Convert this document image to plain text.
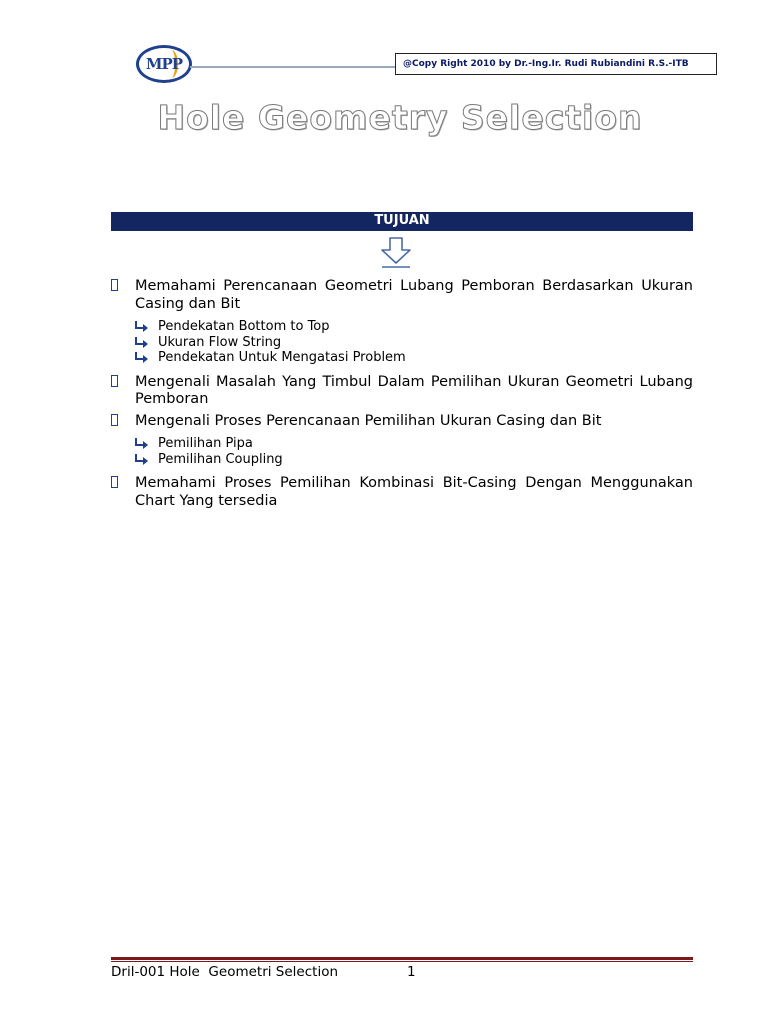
MPP	@Copy Right 2010 by Dr.-Ing.Ir. Rudi Rubiandini R.S.-ITB
Hole Geometry Selection
TUJUAN
Memahami Perencanaan Geometri Lubang Pemboran Berdasarkan Ukuran Casing dan Bit
Pendekatan Bottom to Top
Ukuran Flow String
Pendekatan Untuk Mengatasi Problem
Mengenali Masalah Yang Timbul Dalam Pemilihan Ukuran Geometri Lubang Pemboran
Mengenali Proses Perencanaan Pemilihan Ukuran Casing dan Bit
Pemilihan Pipa
Pemilihan Coupling
Memahami Proses Pemilihan Kombinasi Bit-Casing Dengan Menggunakan Chart Yang tersedia
Dril-001 Hole  Geometri Selection	1
